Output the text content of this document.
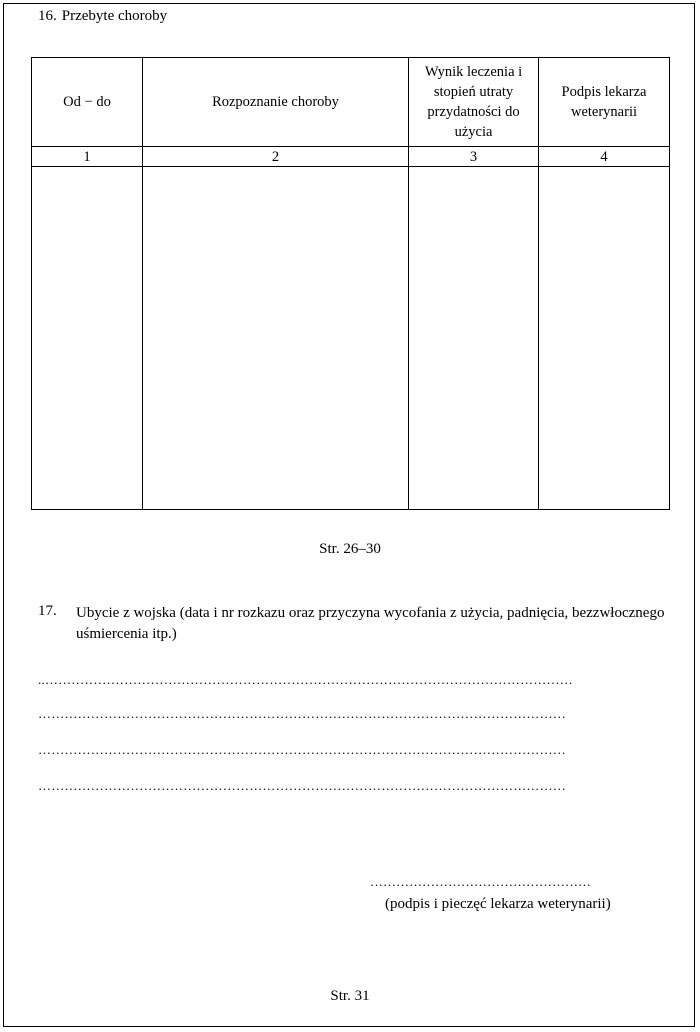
16. Przebyte choroby
Od − do	Rozpoznanie choroby	Wynik leczenia i stopień utraty przydatności do użycia	Podpis lekarza weterynarii
1	2	3	4

Str. 26–30
17. Ubycie z wojska (data i nr rozkazu oraz przyczyna wycofania z użycia, padnięcia, bezzwłocznego uśmiercenia itp.)
..…………………………………………………………………………………………………………
…………………………………………………………………………………………………………
…………………………………………………………………………………………………………
…………………………………………………………………………………………………………
……………………………………………
(podpis i pieczęć lekarza weterynarii)
Str. 31
